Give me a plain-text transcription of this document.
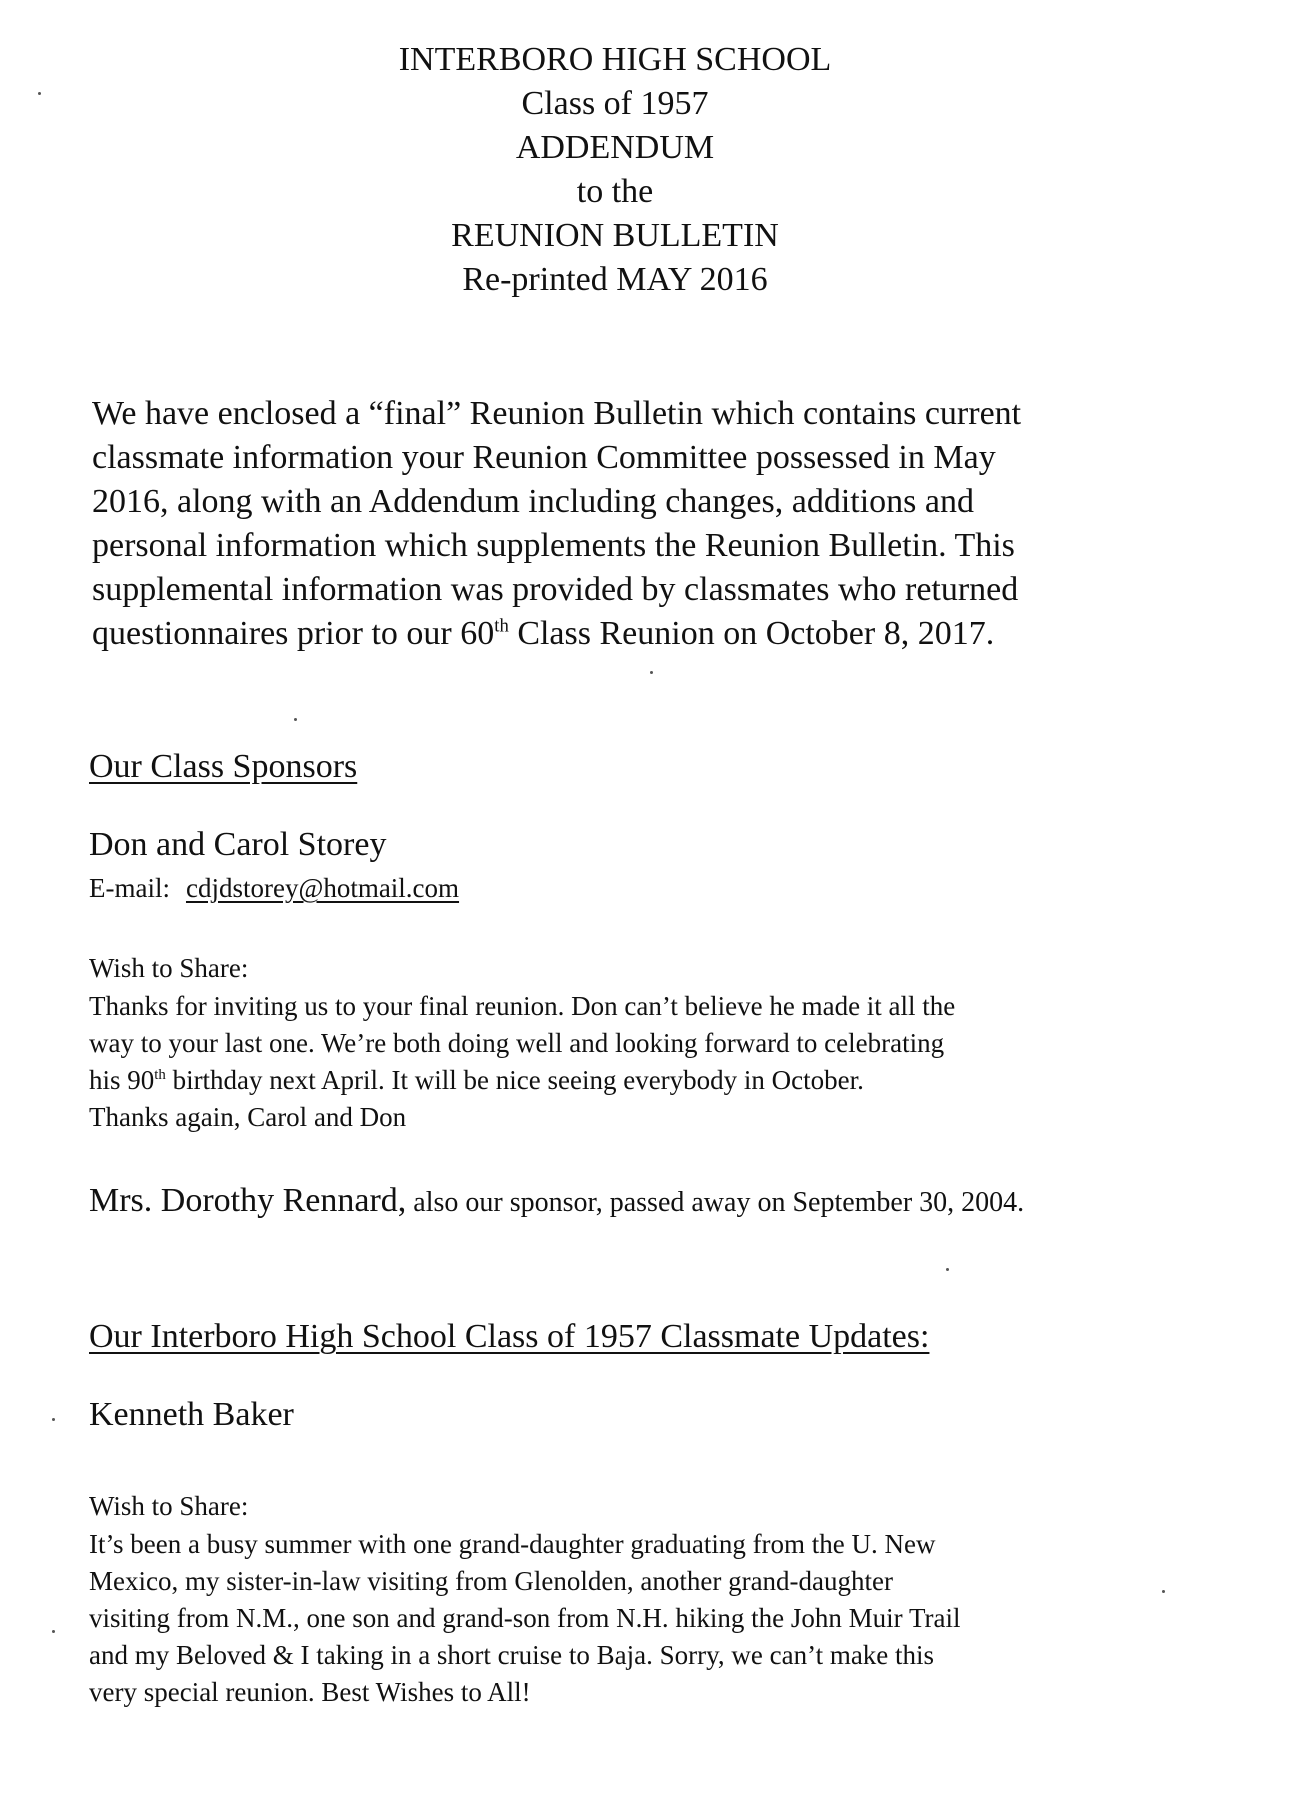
INTERBORO HIGH SCHOOL
Class of 1957
ADDENDUM
to the
REUNION BULLETIN
Re-printed MAY 2016
We have enclosed a “final” Reunion Bulletin which contains current
classmate information your Reunion Committee possessed in May
2016, along with an Addendum including changes, additions and
personal information which supplements the Reunion Bulletin. This
supplemental information was provided by classmates who returned
questionnaires prior to our 60th Class Reunion on October 8, 2017.
Our Class Sponsors
Don and Carol Storey
E-mail: cdjdstorey@hotmail.com
Wish to Share:
Thanks for inviting us to your final reunion. Don can’t believe he made it all the
way to your last one. We’re both doing well and looking forward to celebrating
his 90th birthday next April. It will be nice seeing everybody in October.
Thanks again, Carol and Don
Mrs. Dorothy Rennard, also our sponsor, passed away on September 30, 2004.
Our Interboro High School Class of 1957 Classmate Updates:
Kenneth Baker
Wish to Share:
It’s been a busy summer with one grand-daughter graduating from the U. New
Mexico, my sister-in-law visiting from Glenolden, another grand-daughter
visiting from N.M., one son and grand-son from N.H. hiking the John Muir Trail
and my Beloved & I taking in a short cruise to Baja. Sorry, we can’t make this
very special reunion. Best Wishes to All!
